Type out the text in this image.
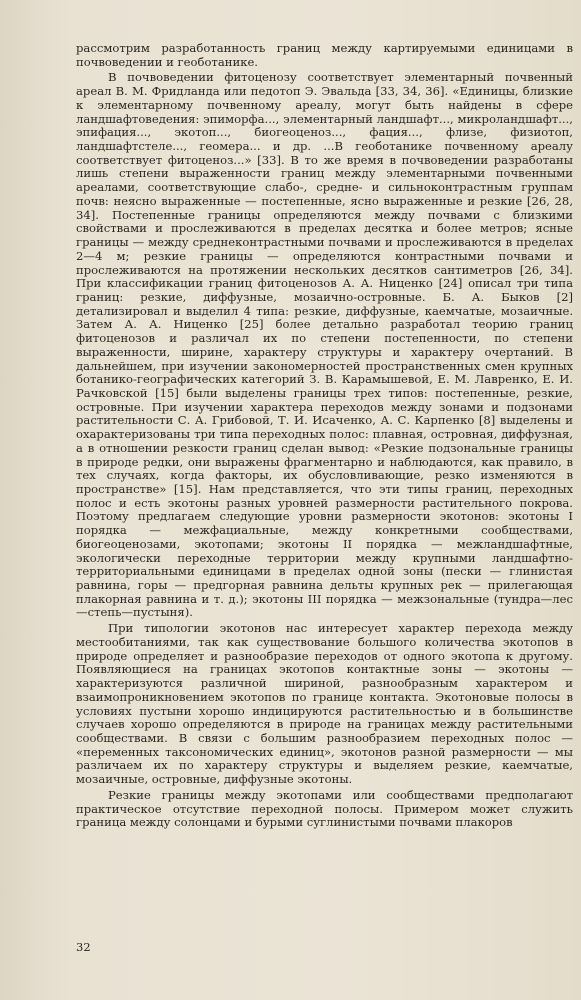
рассмотрим разработанность границ между картируемыми единицами в почвоведении и геоботанике.

В почвоведении фитоценозу соответствует элементарный почвенный ареал В. М. Фридланда или педотоп Э. Эвальда [33, 34, 36]. «Единицы, близкие к элементарному почвенному ареалу, могут быть найдены в сфере ландшафтоведения: эпиморфа..., элементарный ландшафт..., микроландшафт..., эпифация..., экотоп..., биогеоценоз..., фация..., флизе, физиотоп, ландшафтстеле..., геомера... и др. ...В геоботанике почвенному ареалу соответствует фитоценоз...» [33]. В то же время в почвоведении разработаны лишь степени выраженности границ между элементарными почвенными ареалами, соответствующие слабо-, средне- и сильноконтрастным группам почв: неясно выраженные — постепенные, ясно выраженные и резкие [26, 28, 34]. Постепенные границы определяются между почвами с близкими свойствами и прослеживаются в пределах десятка и более метров; ясные границы — между среднеконтрастными почвами и прослеживаются в пределах 2—4 м; резкие границы — определяются контрастными почвами и прослеживаются на протяжении нескольких десятков сантиметров [26, 34]. При классификации границ фитоценозов А. А. Ниценко [24] описал три типа границ: резкие, диффузные, мозаично-островные. Б. А. Быков [2] детализировал и выделил 4 типа: резкие, диффузные, каемчатые, мозаичные. Затем А. А. Ниценко [25] более детально разработал теорию границ фитоценозов и различал их по степени постепенности, по степени выраженности, ширине, характеру структуры и характеру очертаний. В дальнейшем, при изучении закономерностей пространственных смен крупных ботанико-географических категорий З. В. Карамышевой, Е. М. Лавренко, Е. И. Рачковской [15] были выделены границы трех типов: постепенные, резкие, островные. При изучении характера переходов между зонами и подзонами растительности С. А. Грибовой, Т. И. Исаченко, А. С. Карпенко [8] выделены и охарактеризованы три типа переходных полос: плавная, островная, диффузная, а в отношении резкости границ сделан вывод: «Резкие подзональные границы в природе редки, они выражены фрагментарно и наблюдаются, как правило, в тех случаях, когда факторы, их обусловливающие, резко изменяются в пространстве» [15]. Нам представляется, что эти типы границ, переходных полос и есть экотоны разных уровней размерности растительного покрова. Поэтому предлагаем следующие уровни размерности экотонов: экотоны I порядка — межфациальные, между конкретными сообществами, биогеоценозами, экотопами; экотоны II порядка — межландшафтные, экологически переходные территории между крупными ландшафтно-территориальными единицами в пределах одной зоны (пески — глинистая равнина, горы — предгорная равнина дельты крупных рек — прилегающая плакорная равнина и т. д.); экотоны III порядка — межзональные (тундра—лес—степь—пустыня).

При типологии экотонов нас интересует характер перехода между местообитаниями, так как существование большого количества экотопов в природе определяет и разнообразие переходов от одного экотопа к другому. Появляющиеся на границах экотопов контактные зоны — экотоны — характеризуются различной шириной, разнообразным характером и взаимопроникновением экотопов по границе контакта. Экотоновые полосы в условиях пустыни хорошо индицируются растительностью и в большинстве случаев хорошо определяются в природе на границах между растительными сообществами. В связи с большим разнообразием переходных полос — «переменных таксономических единиц», экотонов разной размерности — мы различаем их по характеру структуры и выделяем резкие, каемчатые, мозаичные, островные, диффузные экотоны.

Резкие границы между экотопами или сообществами предполагают практическое отсутствие переходной полосы. Примером может служить граница между солонцами и бурыми суглинистыми почвами плакоров

32
